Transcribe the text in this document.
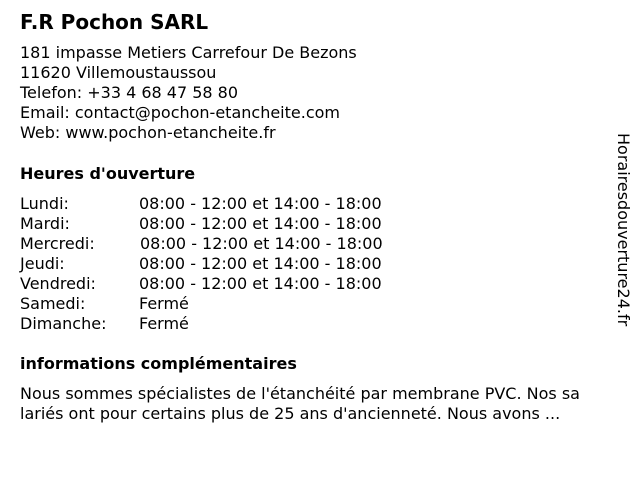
F.R Pochon SARL
181 impasse Metiers Carrefour De Bezons
11620 Villemoustaussou
Telefon: +33 4 68 47 58 80
Email: contact@pochon-etancheite.com
Web: www.pochon-etancheite.fr
Heures d'ouverture
Lundi:	08:00 - 12:00 et 14:00 - 18:00
Mardi:	08:00 - 12:00 et 14:00 - 18:00
Mercredi:	08:00 - 12:00 et 14:00 - 18:00
Jeudi:	08:00 - 12:00 et 14:00 - 18:00
Vendredi:	08:00 - 12:00 et 14:00 - 18:00
Samedi:	Fermé
Dimanche: Fermé
informations complémentaires
Nous sommes spécialistes de l'étanchéité par membrane PVC. Nos sa
lariés ont pour certains plus de 25 ans d'ancienneté. Nous avons ...
Horairesdouverture24.fr
